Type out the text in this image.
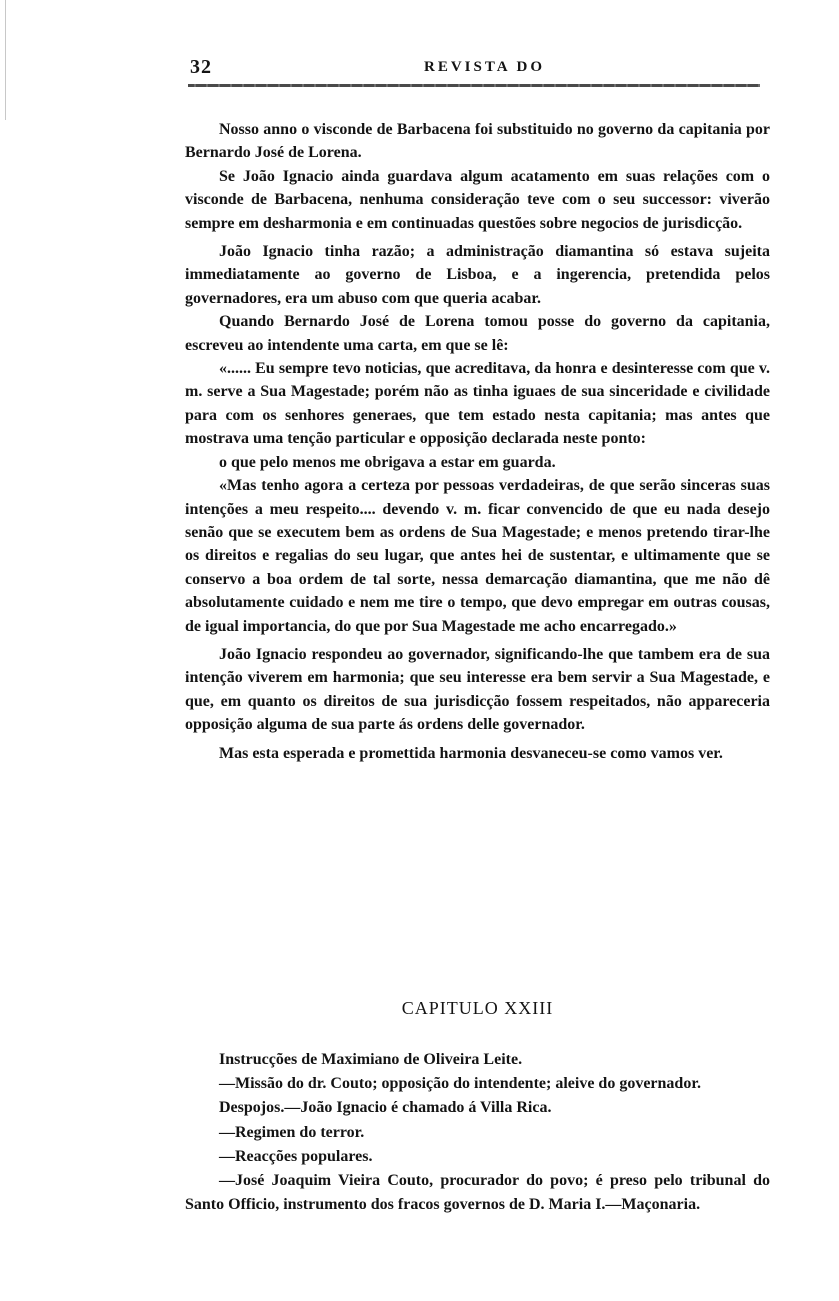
32	REVISTA DO

Nosso anno o visconde de Barbacena foi substituido no governo da capitania por Bernardo José de Lorena.

Se João Ignacio ainda guardava algum acatamento em suas relações com o visconde de Barbacena, nenhuma consideração teve com o seu successor: viverão sempre em desharmonia e em continuadas questões sobre negocios de jurisdicção.

João Ignacio tinha razão; a administração diamantina só estava sujeita immediatamente ao governo de Lisboa, e a ingerencia, pretendida pelos governadores, era um abuso com que queria acabar.

Quando Bernardo José de Lorena tomou posse do governo da capitania, escreveu ao intendente uma carta, em que se lê:

«...... Eu sempre tevo noticias, que acreditava, da honra e desinteresse com que v. m. serve a Sua Magestade; porém não as tinha iguaes de sua sinceridade e civilidade para com os senhores generaes, que tem estado nesta capitania; mas antes que mostrava uma tenção particular e opposição declarada neste ponto:

o que pelo menos me obrigava a estar em guarda.

«Mas tenho agora a certeza por pessoas verdadeiras, de que serão sinceras suas intenções a meu respeito.... devendo v. m. ficar convencido de que eu nada desejo senão que se executem bem as ordens de Sua Magestade; e menos pretendo tirar-lhe os direitos e regalias do seu lugar, que antes hei de sustentar, e ultimamente que se conservo a boa ordem de tal sorte, nessa demarcação diamantina, que me não dê absolutamente cuidado e nem me tire o tempo, que devo empregar em outras cousas, de igual importancia, do que por Sua Magestade me acho encarregado.»

João Ignacio respondeu ao governador, significando-lhe que tambem era de sua intenção viverem em harmonia; que seu interesse era bem servir a Sua Magestade, e que, em quanto os direitos de sua jurisdicção fossem respeitados, não appareceria opposição alguma de sua parte ás ordens delle governador.

Mas esta esperada e promettida harmonia desvaneceu-se como vamos ver.

CAPITULO XXIII

Instrucções de Maximiano de Oliveira Leite.

—Missão do dr. Couto; opposição do intendente; aleive do governador.

Despojos.—João Ignacio é chamado á Villa Rica.

—Regimen do terror.

—Reacções populares.

—José Joaquim Vieira Couto, procurador do povo; é preso pelo tribunal do Santo Officio, instrumento dos fracos governos de D. Maria I.—Maçonaria.
